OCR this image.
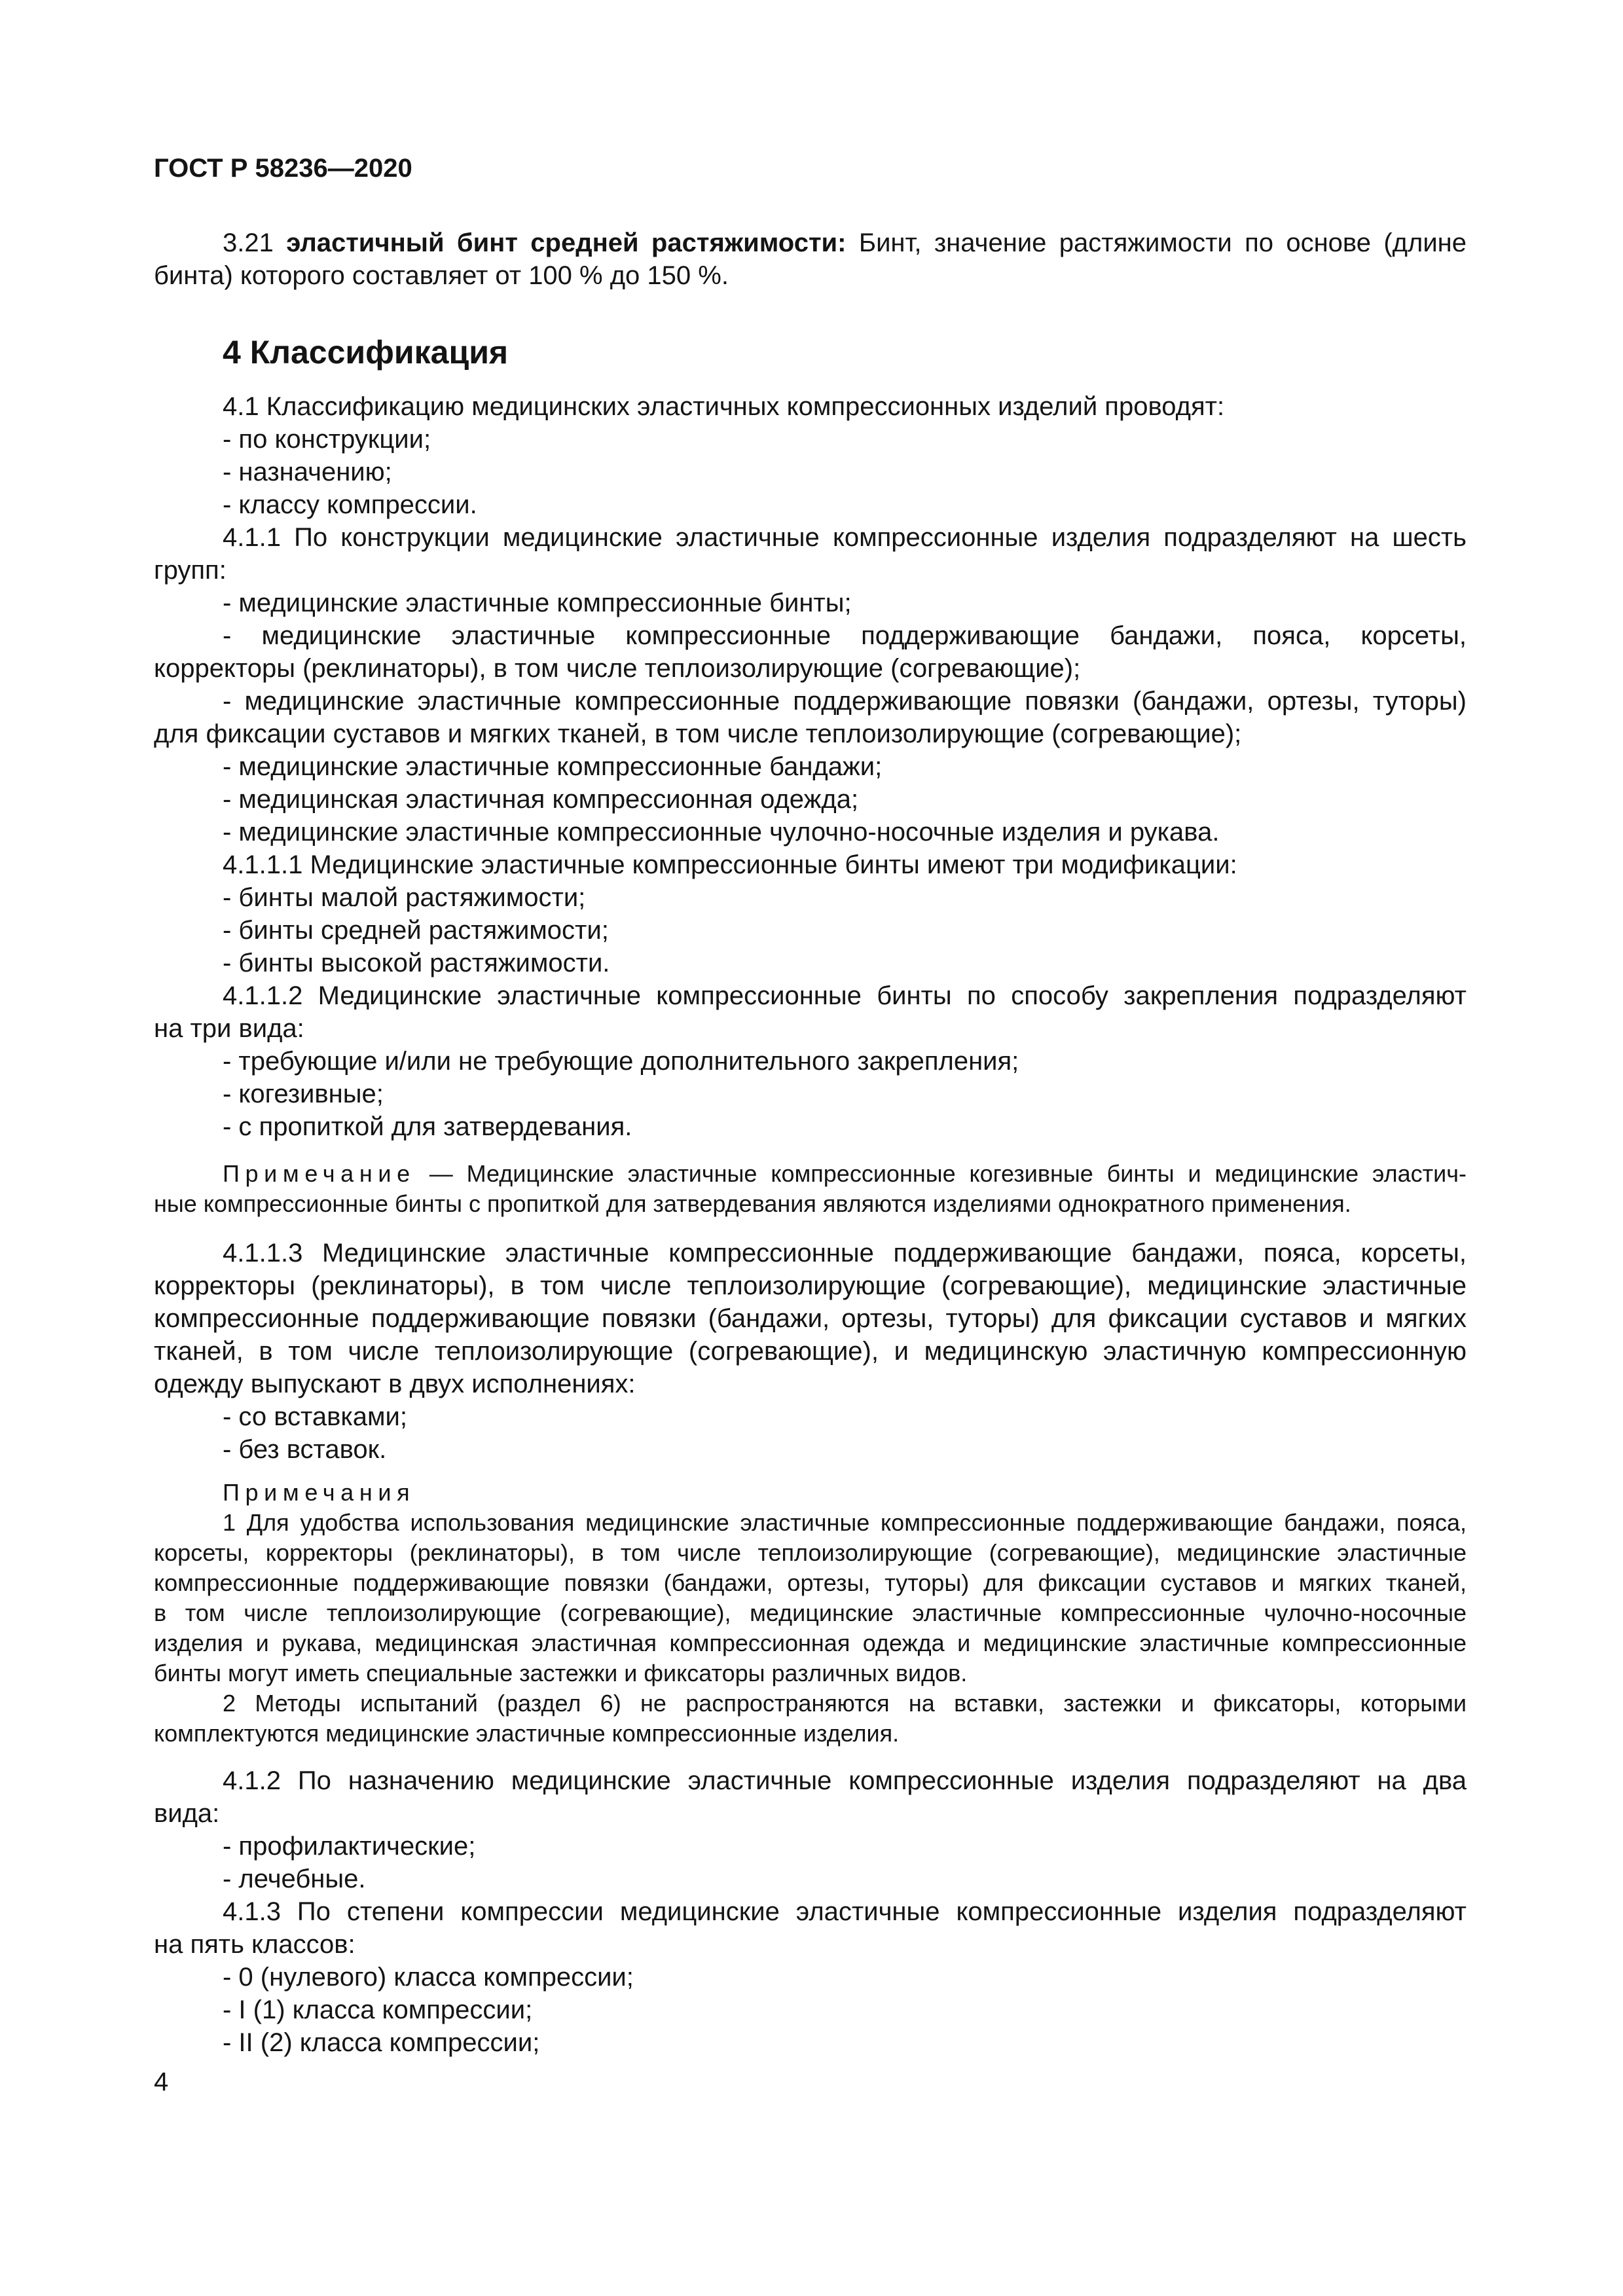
ГОСТ Р 58236—2020
3.21 эластичный бинт средней растяжимости: Бинт, значение растяжимости по основе (длине
бинта) которого составляет от 100 % до 150 %.
4 Классификация
4.1 Классификацию медицинских эластичных компрессионных изделий проводят:
- по конструкции;
- назначению;
- классу компрессии.
4.1.1 По конструкции медицинские эластичные компрессионные изделия подразделяют на шесть
групп:
- медицинские эластичные компрессионные бинты;
- медицинские эластичные компрессионные поддерживающие бандажи, пояса, корсеты,
корректоры (реклинаторы), в том числе теплоизолирующие (согревающие);
- медицинские эластичные компрессионные поддерживающие повязки (бандажи, ортезы, туторы)
для фиксации суставов и мягких тканей, в том числе теплоизолирующие (согревающие);
- медицинские эластичные компрессионные бандажи;
- медицинская эластичная компрессионная одежда;
- медицинские эластичные компрессионные чулочно-носочные изделия и рукава.
4.1.1.1 Медицинские эластичные компрессионные бинты имеют три модификации:
- бинты малой растяжимости;
- бинты средней растяжимости;
- бинты высокой растяжимости.
4.1.1.2 Медицинские эластичные компрессионные бинты по способу закрепления подразделяют
на три вида:
- требующие и/или не требующие дополнительного закрепления;
- когезивные;
- с пропиткой для затвердевания.
Примечание — Медицинские эластичные компрессионные когезивные бинты и медицинские эластич-
ные компрессионные бинты с пропиткой для затвердевания являются изделиями однократного применения.
4.1.1.3 Медицинские эластичные компрессионные поддерживающие бандажи, пояса, корсеты,
корректоры (реклинаторы), в том числе теплоизолирующие (согревающие), медицинские эластичные
компрессионные поддерживающие повязки (бандажи, ортезы, туторы) для фиксации суставов и мягких
тканей, в том числе теплоизолирующие (согревающие), и медицинскую эластичную компрессионную
одежду выпускают в двух исполнениях:
- со вставками;
- без вставок.
Примечания
1 Для удобства использования медицинские эластичные компрессионные поддерживающие бандажи, пояса,
корсеты, корректоры (реклинаторы), в том числе теплоизолирующие (согревающие), медицинские эластичные
компрессионные поддерживающие повязки (бандажи, ортезы, туторы) для фиксации суставов и мягких тканей,
в том числе теплоизолирующие (согревающие), медицинские эластичные компрессионные чулочно-носочные
изделия и рукава, медицинская эластичная компрессионная одежда и медицинские эластичные компрессионные
бинты могут иметь специальные застежки и фиксаторы различных видов.
2 Методы испытаний (раздел 6) не распространяются на вставки, застежки и фиксаторы, которыми
комплектуются медицинские эластичные компрессионные изделия.
4.1.2 По назначению медицинские эластичные компрессионные изделия подразделяют на два
вида:
- профилактические;
- лечебные.
4.1.3 По степени компрессии медицинские эластичные компрессионные изделия подразделяют
на пять классов:
- 0 (нулевого) класса компрессии;
- I (1) класса компрессии;
- II (2) класса компрессии;
4
